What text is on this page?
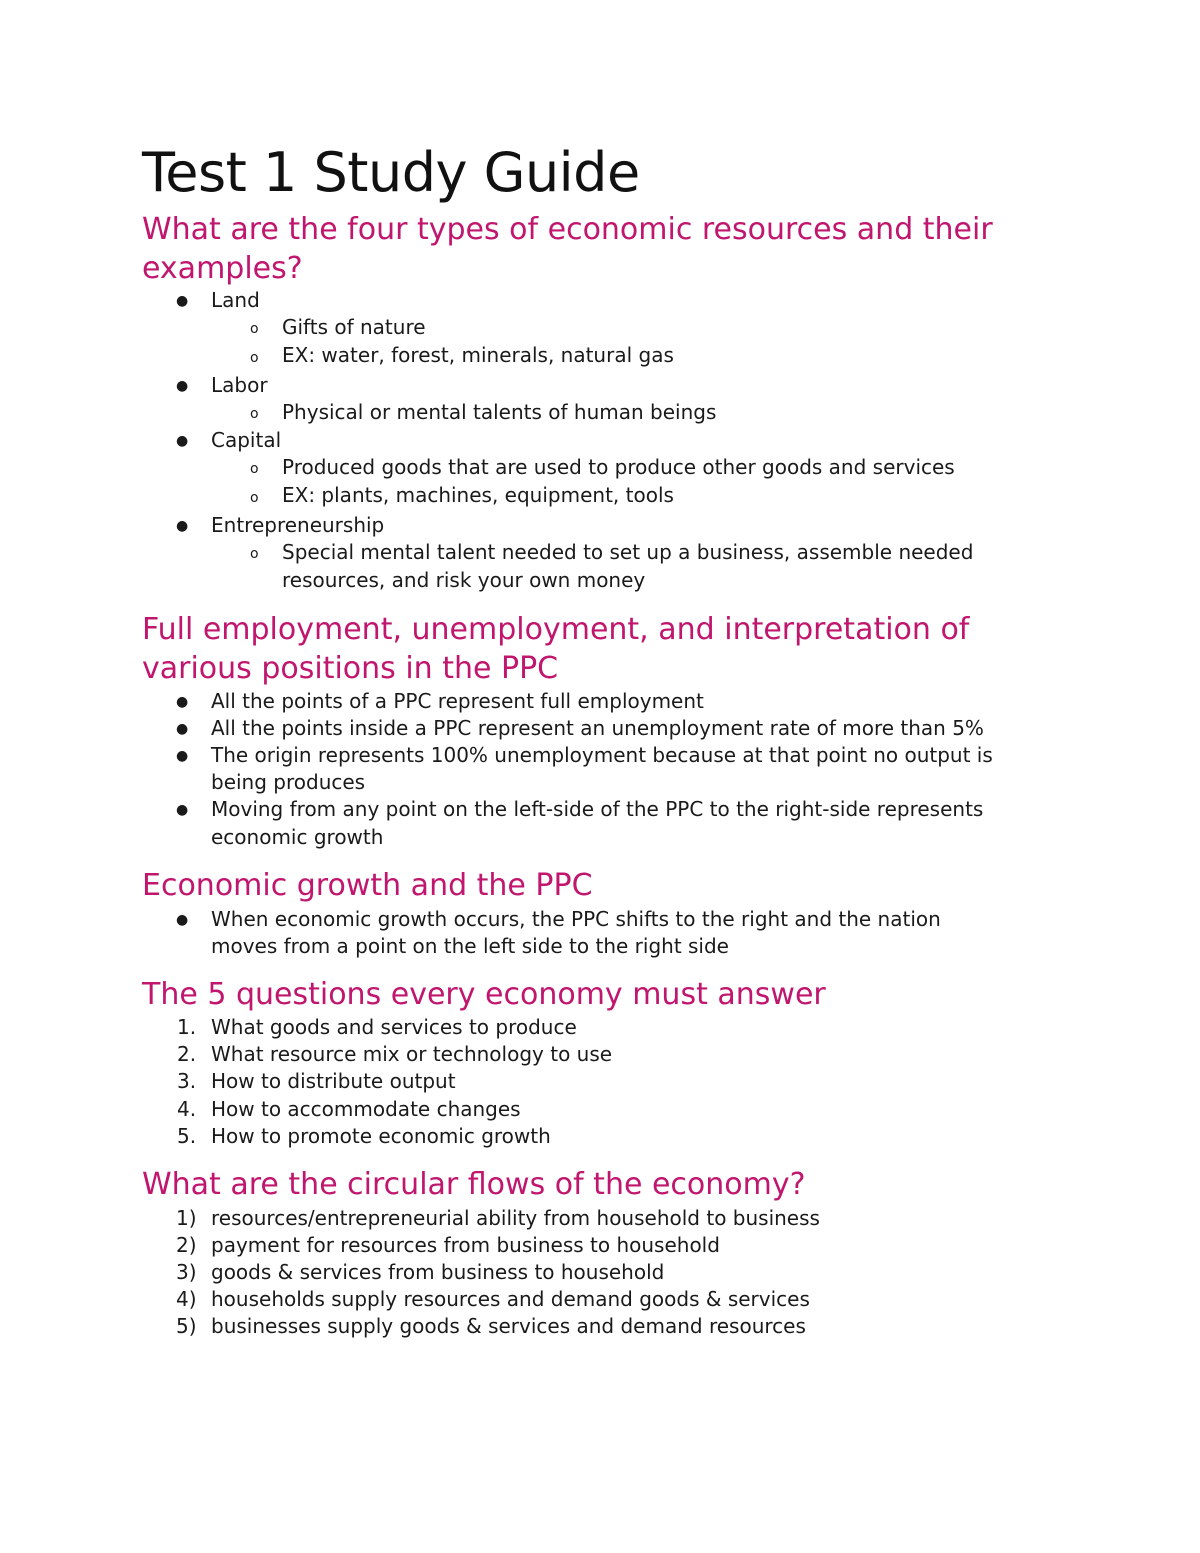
Test 1 Study Guide
What are the four types of economic resources and their
examples?
● Land
o Gifts of nature
o EX: water, forest, minerals, natural gas
● Labor
o Physical or mental talents of human beings
● Capital
o Produced goods that are used to produce other goods and services
o EX: plants, machines, equipment, tools
● Entrepreneurship
o Special mental talent needed to set up a business, assemble needed
resources, and risk your own money
Full employment, unemployment, and interpretation of
various positions in the PPC
● All the points of a PPC represent full employment
● All the points inside a PPC represent an unemployment rate of more than 5%
● The origin represents 100% unemployment because at that point no output is
being produces
● Moving from any point on the left-side of the PPC to the right-side represents
economic growth
Economic growth and the PPC
● When economic growth occurs, the PPC shifts to the right and the nation
moves from a point on the left side to the right side
The 5 questions every economy must answer
1. What goods and services to produce
2. What resource mix or technology to use
3. How to distribute output
4. How to accommodate changes
5. How to promote economic growth
What are the circular flows of the economy?
1) resources/entrepreneurial ability from household to business
2) payment for resources from business to household
3) goods & services from business to household
4) households supply resources and demand goods & services
5) businesses supply goods & services and demand resources
